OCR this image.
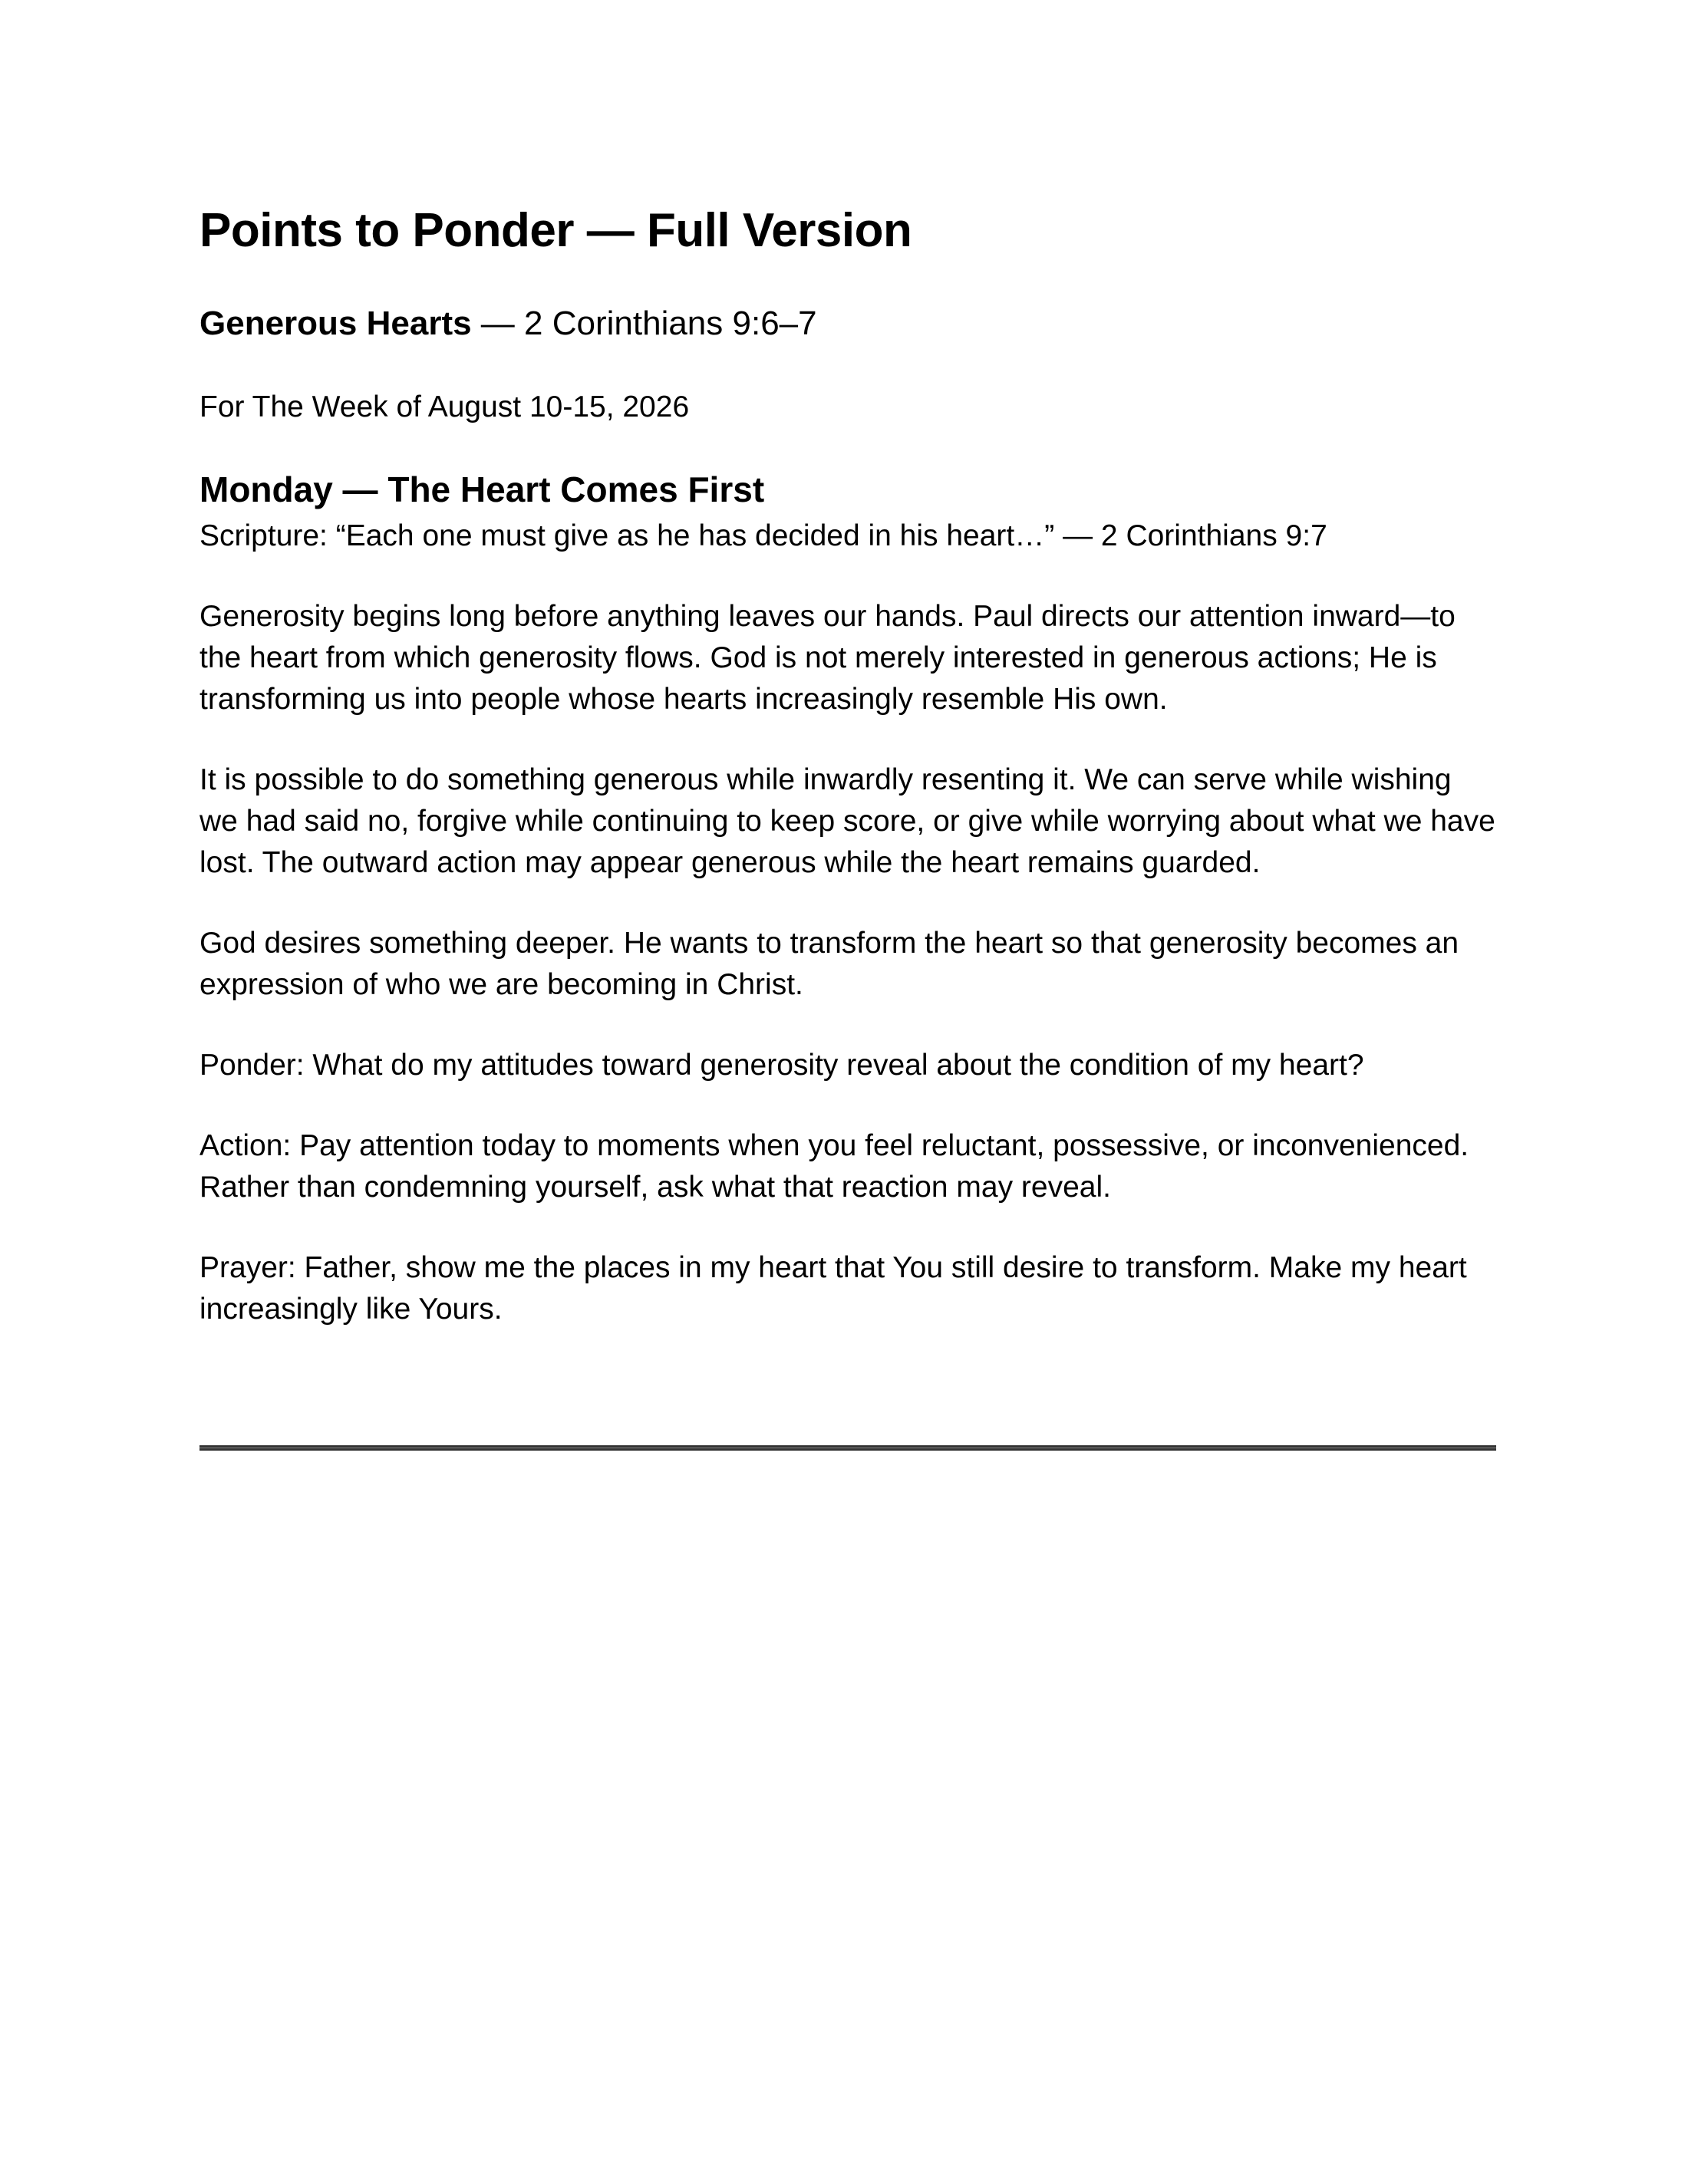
Points to Ponder — Full Version

Generous Hearts — 2 Corinthians 9:6–7

For The Week of August 10-15, 2026

Monday — The Heart Comes First

Scripture: “Each one must give as he has decided in his heart…” — 2 Corinthians 9:7

Generosity begins long before anything leaves our hands. Paul directs our attention inward—to the heart from which generosity flows. God is not merely interested in generous actions; He is transforming us into people whose hearts increasingly resemble His own.

It is possible to do something generous while inwardly resenting it. We can serve while wishing we had said no, forgive while continuing to keep score, or give while worrying about what we have lost. The outward action may appear generous while the heart remains guarded.

God desires something deeper. He wants to transform the heart so that generosity becomes an expression of who we are becoming in Christ.

Ponder: What do my attitudes toward generosity reveal about the condition of my heart?

Action: Pay attention today to moments when you feel reluctant, possessive, or inconvenienced. Rather than condemning yourself, ask what that reaction may reveal.

Prayer: Father, show me the places in my heart that You still desire to transform. Make my heart increasingly like Yours.
